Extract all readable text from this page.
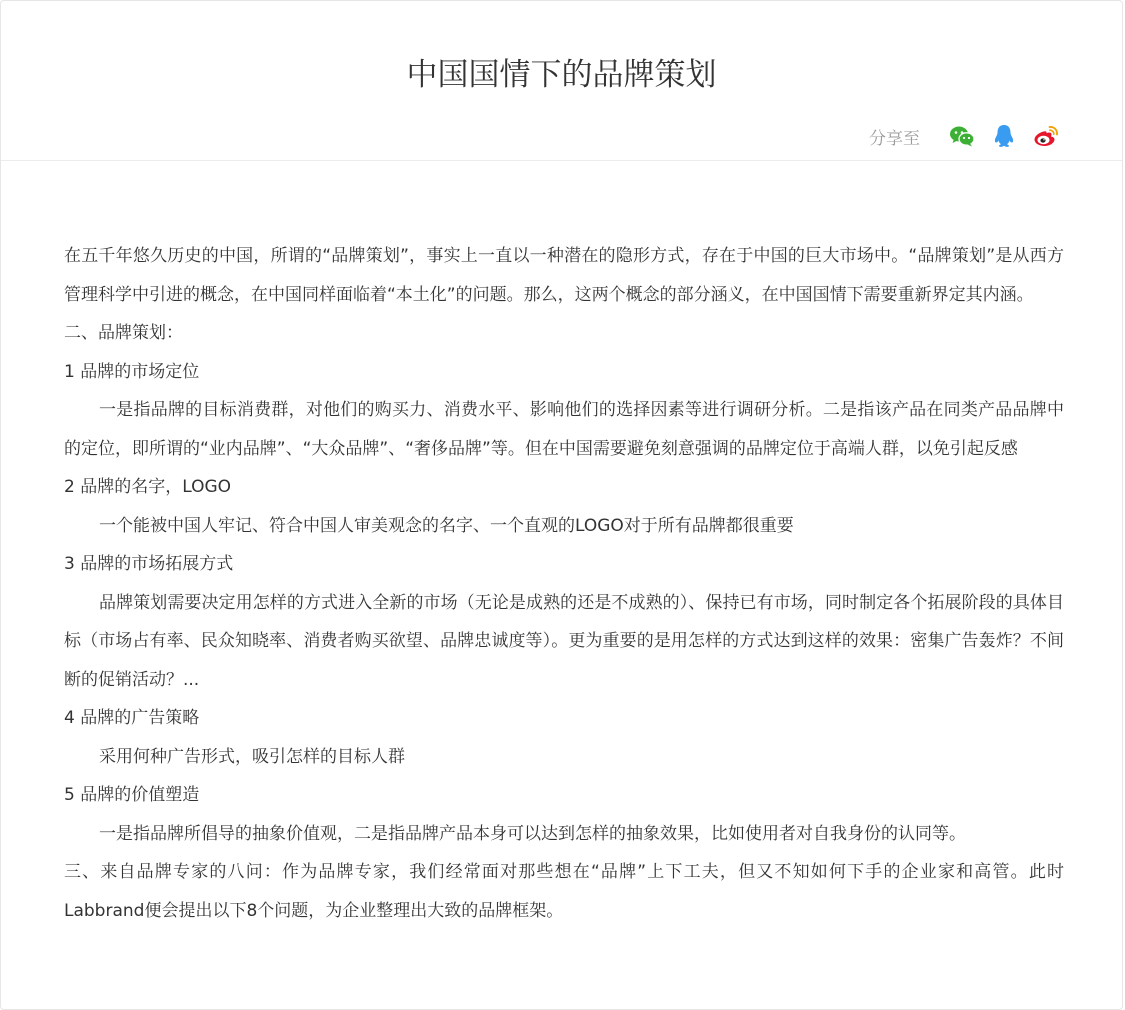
中国国情下的品牌策划
分享至

在五千年悠久历史的中国，所谓的“品牌策划”，事实上一直以一种潜在的隐形方式，存在于中国的巨大市场中。“品牌策划”是从西方管理科学中引进的概念，在中国同样面临着“本土化”的问题。那么，这两个概念的部分涵义，在中国国情下需要重新界定其内涵。

二、品牌策划：

1 品牌的市场定位

一是指品牌的目标消费群，对他们的购买力、消费水平、影响他们的选择因素等进行调研分析。二是指该产品在同类产品品牌中的定位，即所谓的“业内品牌”、“大众品牌”、“奢侈品牌”等。但在中国需要避免刻意强调的品牌定位于高端人群，以免引起反感

2 品牌的名字，LOGO

一个能被中国人牢记、符合中国人审美观念的名字、一个直观的LOGO对于所有品牌都很重要

3 品牌的市场拓展方式

品牌策划需要决定用怎样的方式进入全新的市场（无论是成熟的还是不成熟的）、保持已有市场，同时制定各个拓展阶段的具体目标（市场占有率、民众知晓率、消费者购买欲望、品牌忠诚度等）。更为重要的是用怎样的方式达到这样的效果：密集广告轰炸？不间断的促销活动？...

4 品牌的广告策略

采用何种广告形式，吸引怎样的目标人群

5 品牌的价值塑造

一是指品牌所倡导的抽象价值观，二是指品牌产品本身可以达到怎样的抽象效果，比如使用者对自我身份的认同等。

三、来自品牌专家的八问：作为品牌专家，我们经常面对那些想在“品牌”上下工夫，但又不知如何下手的企业家和高管。此时Labbrand便会提出以下8个问题，为企业整理出大致的品牌框架。
